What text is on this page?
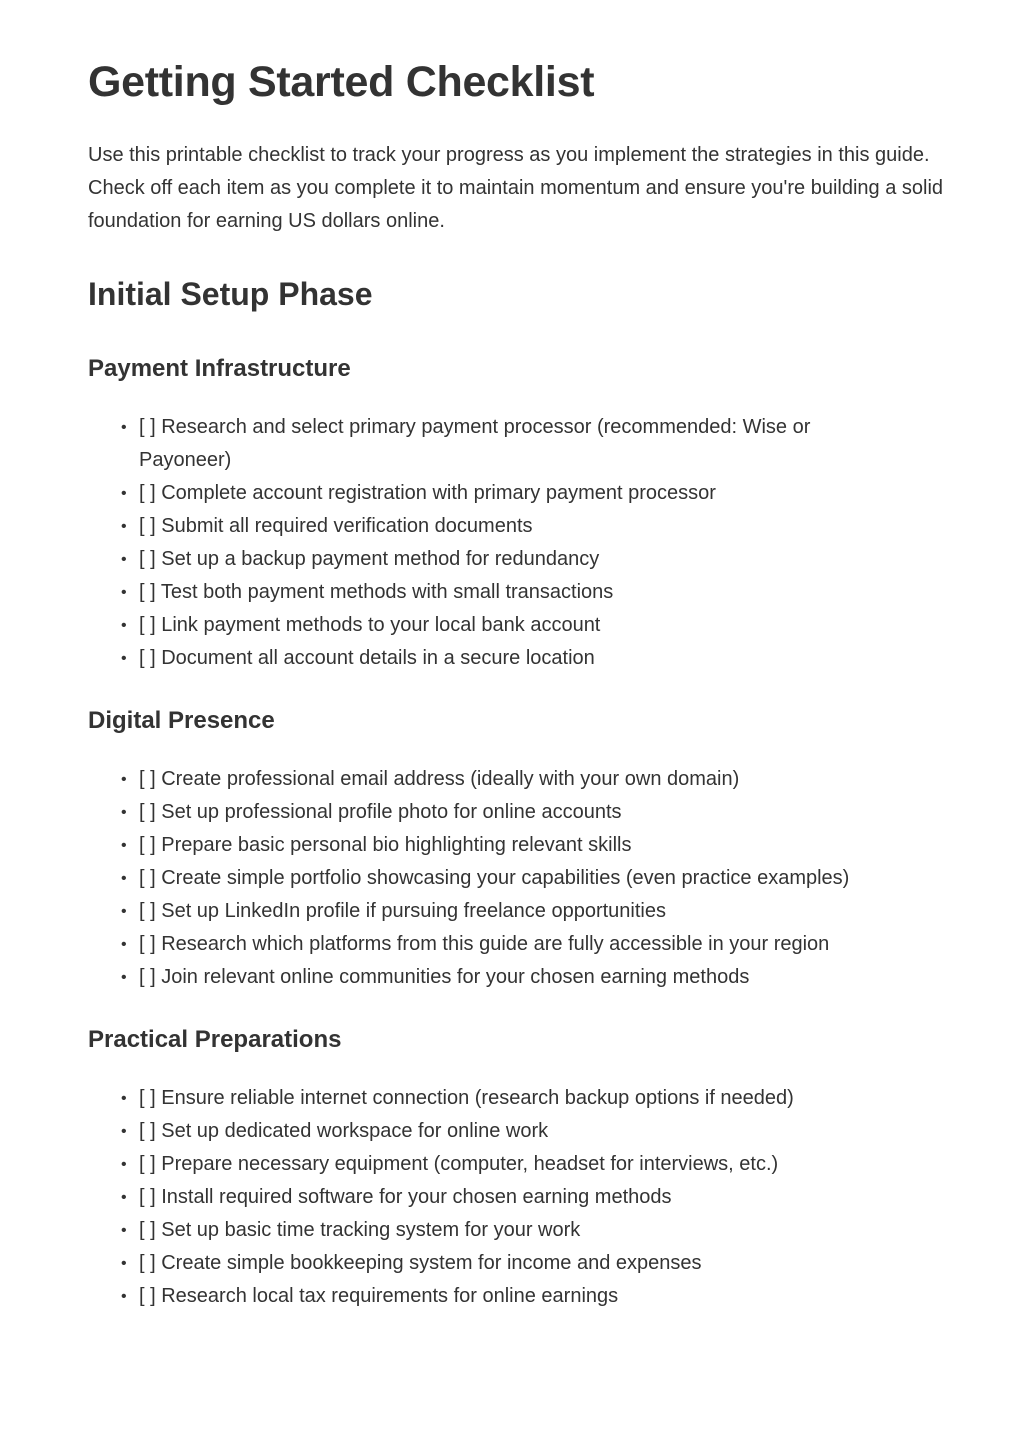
Getting Started Checklist

Use this printable checklist to track your progress as you implement the strategies in this guide. Check off each item as you complete it to maintain momentum and ensure you're building a solid foundation for earning US dollars online.

Initial Setup Phase
Payment Infrastructure
• [ ] Research and select primary payment processor (recommended: Wise or Payoneer)
• [ ] Complete account registration with primary payment processor
• [ ] Submit all required verification documents
• [ ] Set up a backup payment method for redundancy
• [ ] Test both payment methods with small transactions
• [ ] Link payment methods to your local bank account
• [ ] Document all account details in a secure location
Digital Presence
• [ ] Create professional email address (ideally with your own domain)
• [ ] Set up professional profile photo for online accounts
• [ ] Prepare basic personal bio highlighting relevant skills
• [ ] Create simple portfolio showcasing your capabilities (even practice examples)
• [ ] Set up LinkedIn profile if pursuing freelance opportunities
• [ ] Research which platforms from this guide are fully accessible in your region
• [ ] Join relevant online communities for your chosen earning methods
Practical Preparations
• [ ] Ensure reliable internet connection (research backup options if needed)
• [ ] Set up dedicated workspace for online work
• [ ] Prepare necessary equipment (computer, headset for interviews, etc.)
• [ ] Install required software for your chosen earning methods
• [ ] Set up basic time tracking system for your work
• [ ] Create simple bookkeeping system for income and expenses
• [ ] Research local tax requirements for online earnings
